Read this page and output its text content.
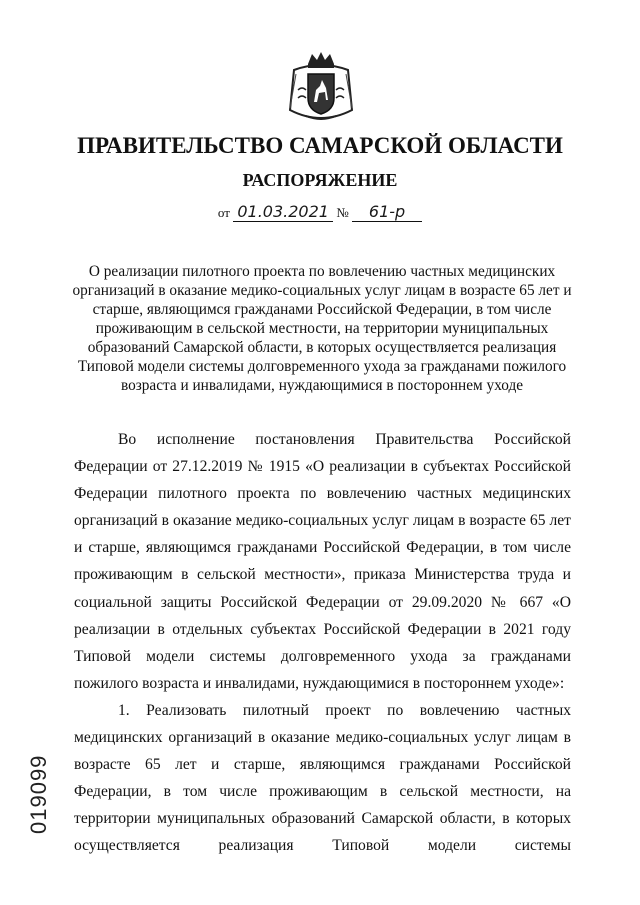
ПРАВИТЕЛЬСТВО САМАРСКОЙ ОБЛАСТИ
РАСПОРЯЖЕНИЕ
от 01.03.2021 № 61-р
О реализации пилотного проекта по вовлечению частных медицинских организаций в оказание медико-социальных услуг лицам в возрасте 65 лет и старше, являющимся гражданами Российской Федерации, в том числе проживающим в сельской местности, на территории муниципальных образований Самарской области, в которых осуществляется реализация Типовой модели системы долговременного ухода за гражданами пожилого возраста и инвалидами, нуждающимися в постороннем уходе

Во исполнение постановления Правительства Российской Федерации от 27.12.2019 № 1915 «О реализации в субъектах Российской Федерации пилотного проекта по вовлечению частных медицинских организаций в оказание медико-социальных услуг лицам в возрасте 65 лет и старше, являющимся гражданами Российской Федерации, в том числе проживающим в сельской местности», приказа Министерства труда и социальной защиты Российской Федерации от 29.09.2020 № 667 «О реализации в отдельных субъектах Российской Федерации в 2021 году Типовой модели системы долговременного ухода за гражданами пожилого возраста и инвалидами, нуждающимися в постороннем уходе»:

1. Реализовать пилотный проект по вовлечению частных медицинских организаций в оказание медико-социальных услуг лицам в возрасте 65 лет и старше, являющимся гражданами Российской Федерации, в том числе проживающим в сельской местности, на территории муниципальных образований Самарской области, в которых осуществляется реализация Типовой модели системы

019099
